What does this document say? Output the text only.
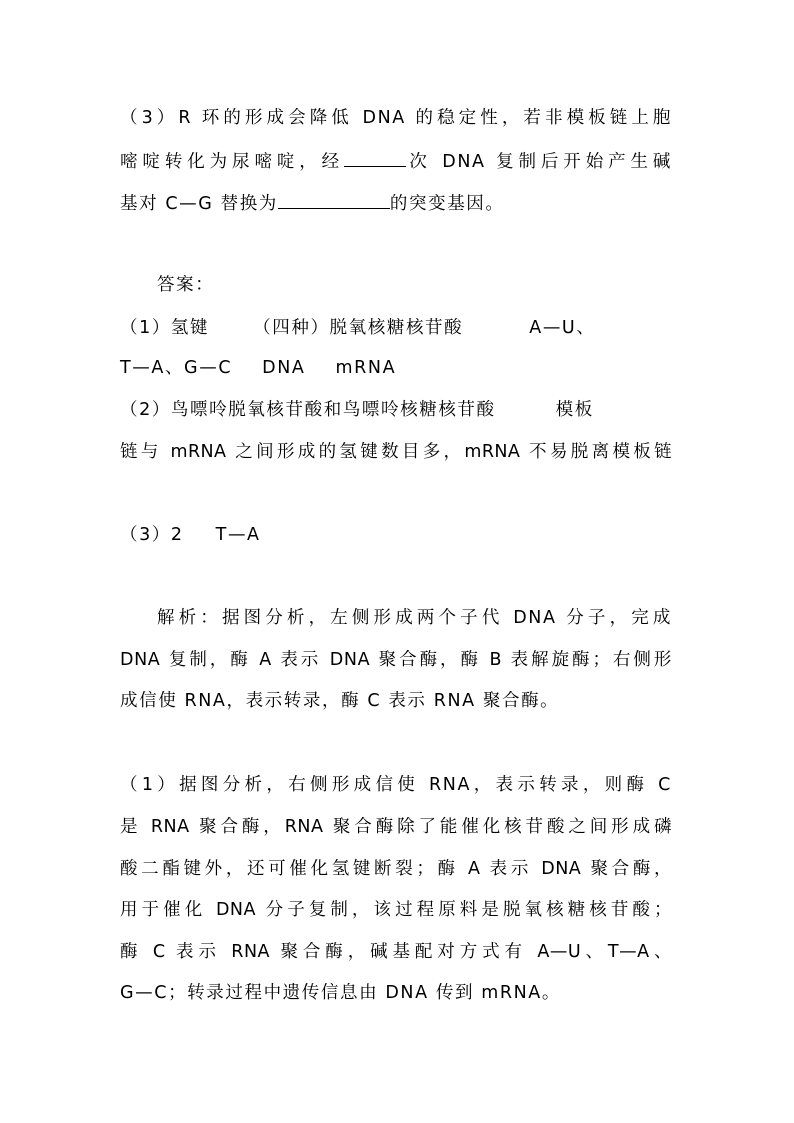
（3）R 环的形成会降低 DNA 的稳定性，若非模板链上胞
嘧啶转化为尿嘧啶，经	次 DNA 复制后开始产生碱
基对 C—G 替换为	的突变基因。
答案：
（1）氢键	（四种）脱氧核糖核苷酸	A—U、
T—A、G—C DNA mRNA
（2）鸟嘌呤脱氧核苷酸和鸟嘌呤核糖核苷酸	模板
链与 mRNA 之间形成的氢键数目多，mRNA 不易脱离模板链
（3）2 T—A
解析：据图分析，左侧形成两个子代 DNA 分子，完成
DNA 复制，酶 A 表示 DNA 聚合酶，酶 B 表解旋酶；右侧形
成信使 RNA，表示转录，酶 C 表示 RNA 聚合酶。
（1）据图分析，右侧形成信使 RNA，表示转录，则酶 C
是 RNA 聚合酶，RNA 聚合酶除了能催化核苷酸之间形成磷
酸二酯键外，还可催化氢键断裂；酶 A 表示 DNA 聚合酶，
用于催化 DNA 分子复制，该过程原料是脱氧核糖核苷酸；
酶 C 表示 RNA 聚合酶，碱基配对方式有 A—U、T—A、
G—C；转录过程中遗传信息由 DNA 传到 mRNA。
